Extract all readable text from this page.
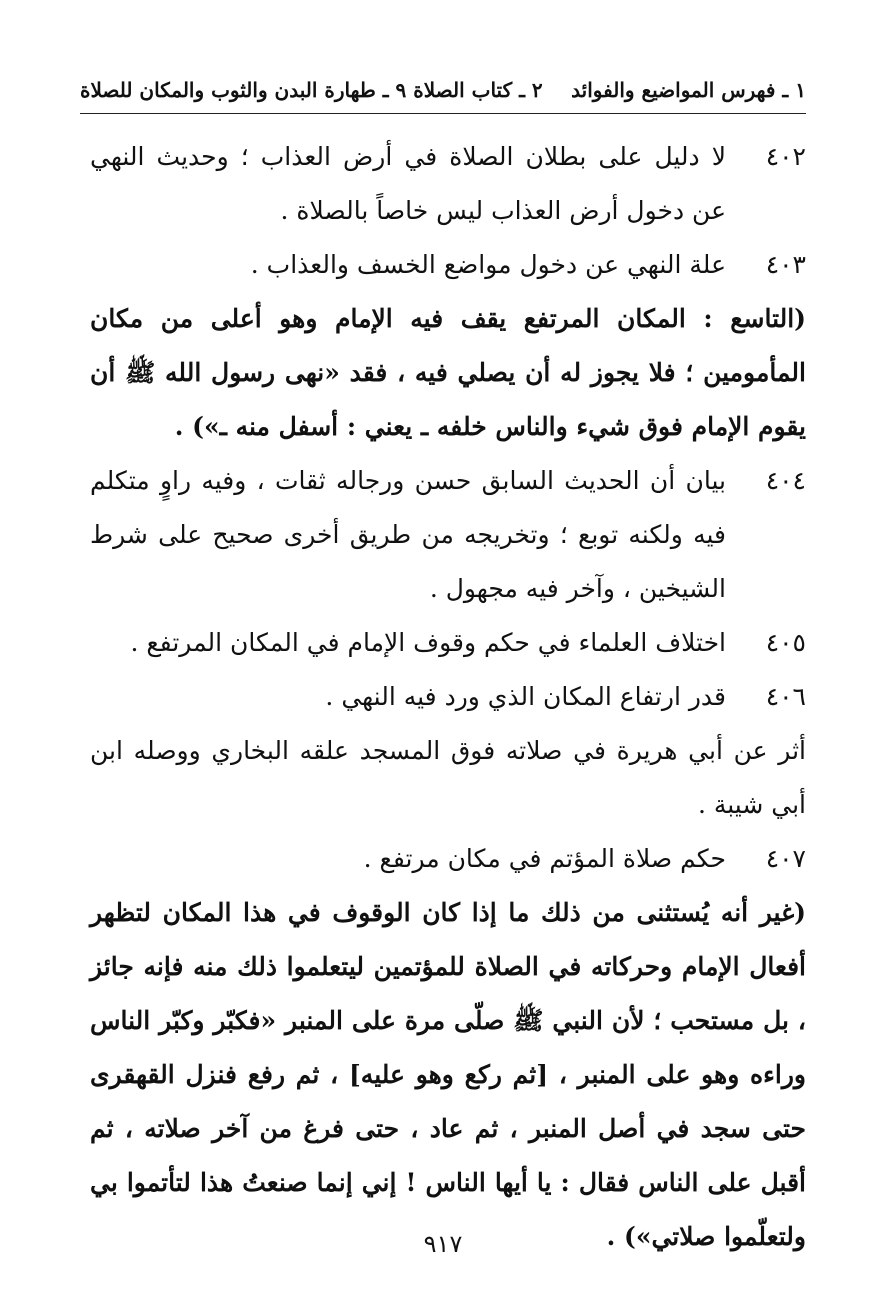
١ ـ فهرس المواضيع والفوائد
٢ ـ كتاب الصلاة ٩ ـ طهارة البدن والثوب والمكان للصلاة
٤٠٢
لا دليل على بطلان الصلاة في أرض العذاب ؛ وحديث النهي عن دخول أرض العذاب ليس خاصاً بالصلاة .
٤٠٣
علة النهي عن دخول مواضع الخسف والعذاب .
(التاسع : المكان المرتفع يقف فيه الإمام وهو أعلى من مكان المأمومين ؛ فلا يجوز له أن يصلي فيه ، فقد «نهى رسول الله ﷺ أن يقوم الإمام فوق شيء والناس خلفه ـ يعني : أسفل منه ـ») .
٤٠٤
بيان أن الحديث السابق حسن ورجاله ثقات ، وفيه راوٍ متكلم فيه ولكنه توبع ؛ وتخريجه من طريق أخرى صحيح على شرط الشيخين ، وآخر فيه مجهول .
٤٠٥
اختلاف العلماء في حكم وقوف الإمام في المكان المرتفع .
٤٠٦
قدر ارتفاع المكان الذي ورد فيه النهي .
أثر عن أبي هريرة في صلاته فوق المسجد علقه البخاري ووصله ابن أبي شيبة .
٤٠٧
حكم صلاة المؤتم في مكان مرتفع .
(غير أنه يُستثنى من ذلك ما إذا كان الوقوف في هذا المكان لتظهر أفعال الإمام وحركاته في الصلاة للمؤتمين ليتعلموا ذلك منه فإنه جائز ، بل مستحب ؛ لأن النبي ﷺ صلّى مرة على المنبر «فكبّر وكبّر الناس وراءه وهو على المنبر ، [ثم ركع وهو عليه] ، ثم رفع فنزل القهقرى حتى سجد في أصل المنبر ، ثم عاد ، حتى فرغ من آخر صلاته ، ثم أقبل على الناس فقال : يا أيها الناس ! إني إنما صنعتُ هذا لتأتموا بي ولتعلّموا صلاتي») .
٩١٧
